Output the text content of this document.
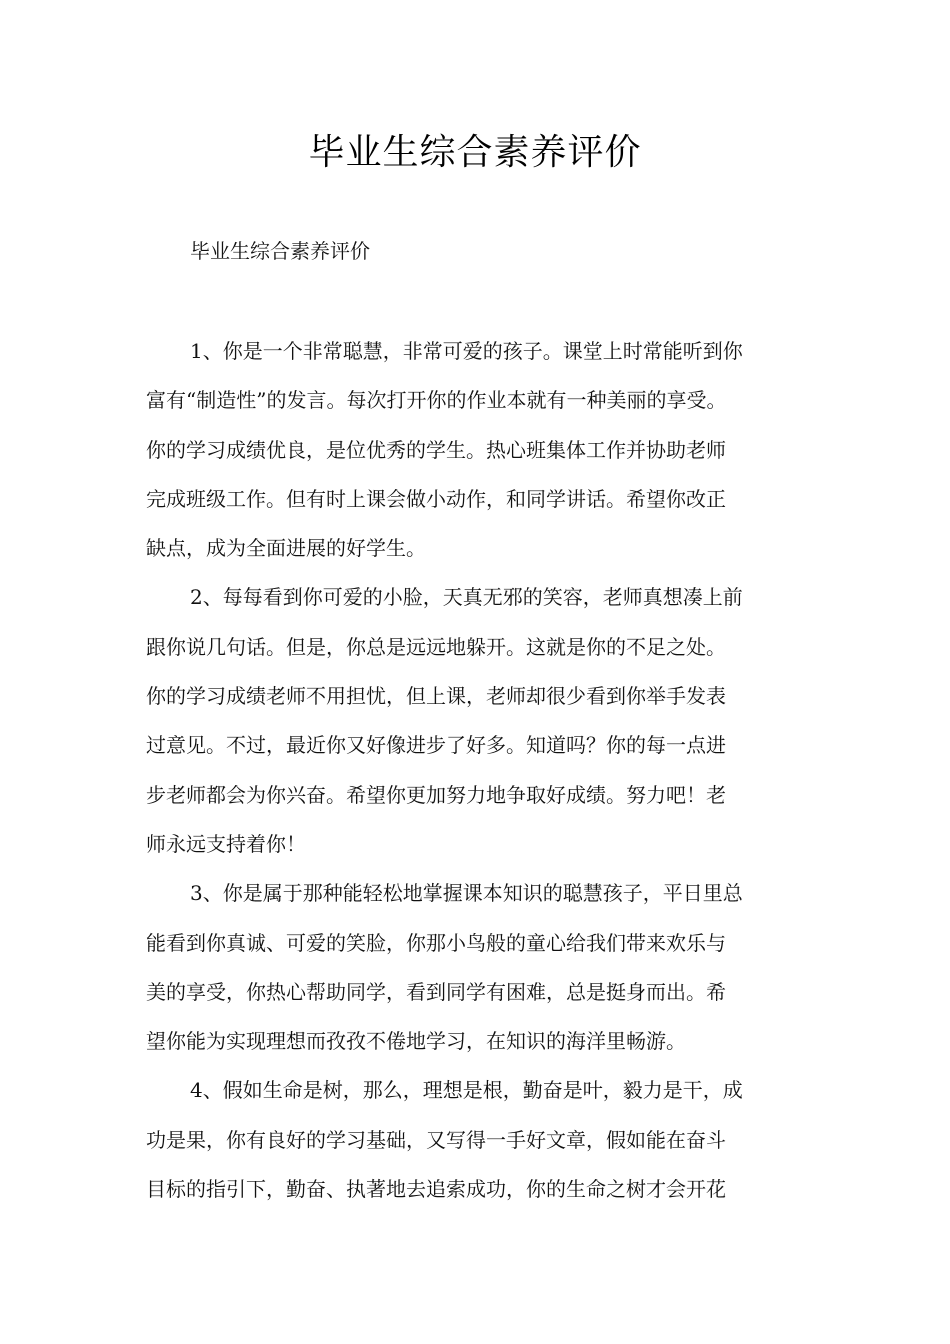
毕业生综合素养评价
毕业生综合素养评价
1、你是一个非常聪慧，非常可爱的孩子。课堂上时常能听到你
富有“制造性”的发言。每次打开你的作业本就有一种美丽的享受。
你的学习成绩优良，是位优秀的学生。热心班集体工作并协助老师
完成班级工作。但有时上课会做小动作，和同学讲话。希望你改正
缺点，成为全面进展的好学生。
2、每每看到你可爱的小脸，天真无邪的笑容，老师真想凑上前
跟你说几句话。但是，你总是远远地躲开。这就是你的不足之处。
你的学习成绩老师不用担忧，但上课，老师却很少看到你举手发表
过意见。不过，最近你又好像进步了好多。知道吗？你的每一点进
步老师都会为你兴奋。希望你更加努力地争取好成绩。努力吧！老
师永远支持着你！
3、你是属于那种能轻松地掌握课本知识的聪慧孩子，平日里总
能看到你真诚、可爱的笑脸，你那小鸟般的童心给我们带来欢乐与
美的享受，你热心帮助同学，看到同学有困难，总是挺身而出。希
望你能为实现理想而孜孜不倦地学习，在知识的海洋里畅游。
4、假如生命是树，那么，理想是根，勤奋是叶，毅力是干，成
功是果，你有良好的学习基础，又写得一手好文章，假如能在奋斗
目标的指引下，勤奋、执著地去追索成功，你的生命之树才会开花
